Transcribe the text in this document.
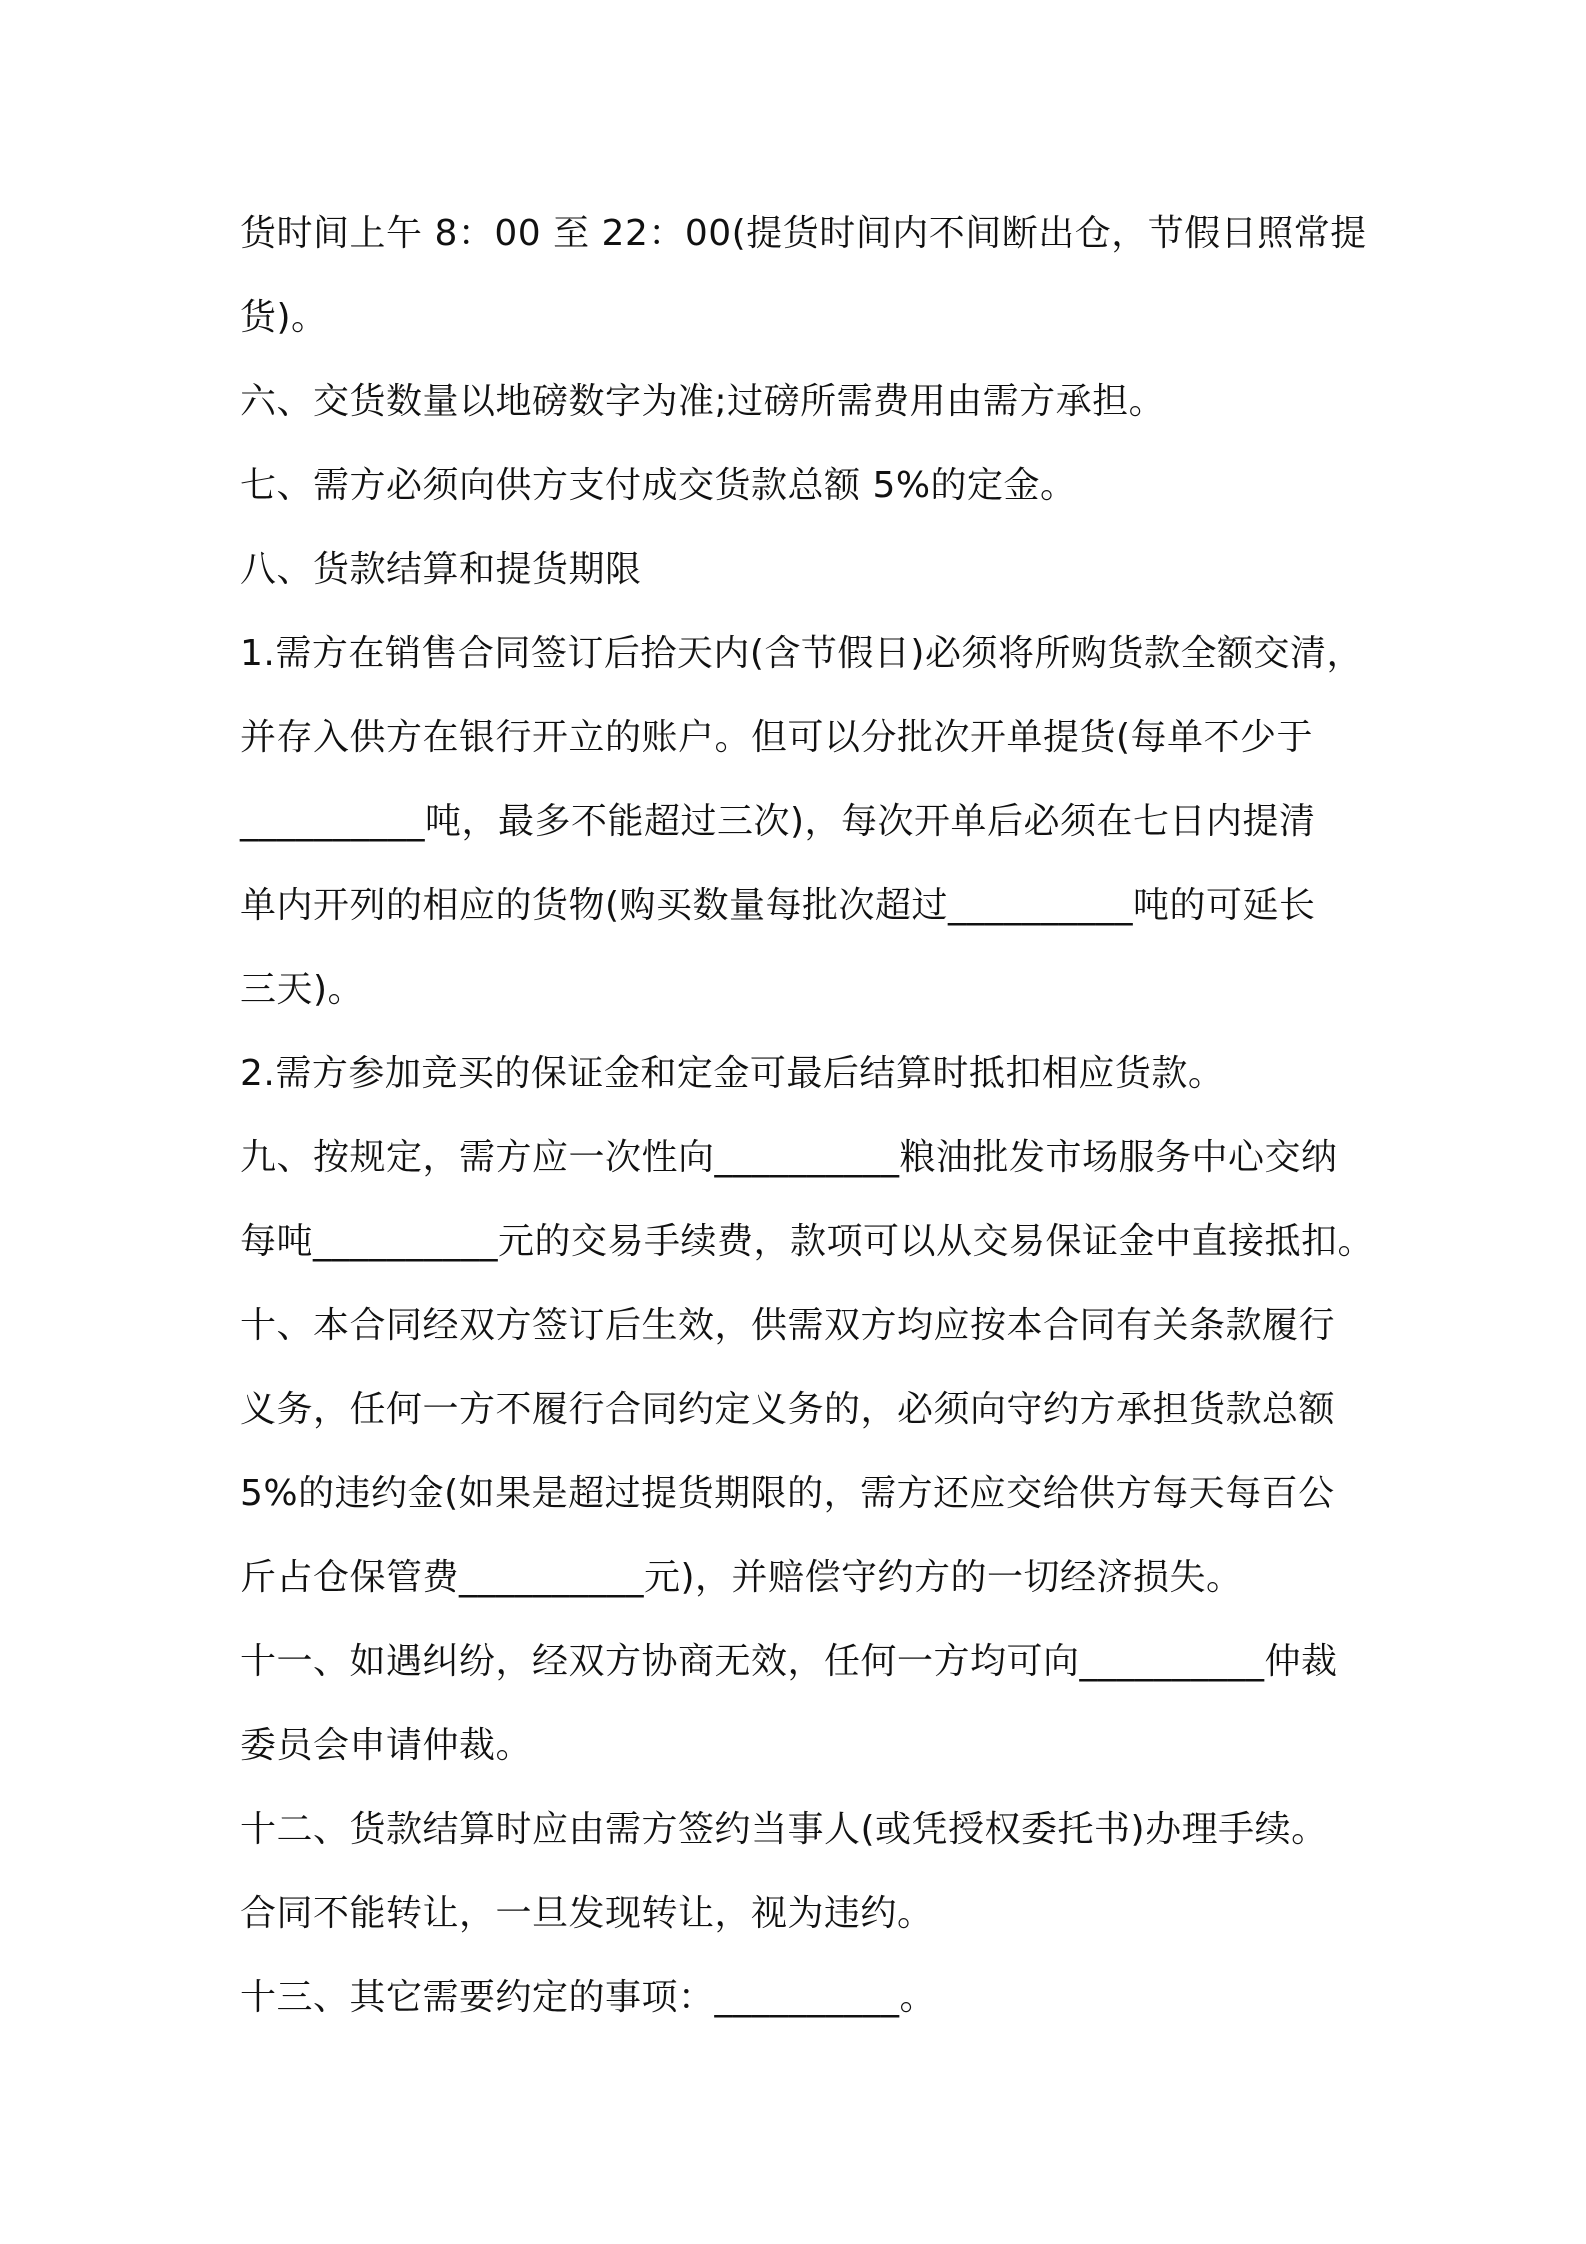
货时间上午 8：00 至 22：00(提货时间内不间断出仓，节假日照常提
货)。
六、交货数量以地磅数字为准;过磅所需费用由需方承担。
七、需方必须向供方支付成交货款总额 5%的定金。
八、货款结算和提货期限
1.需方在销售合同签订后拾天内(含节假日)必须将所购货款全额交清，
并存入供方在银行开立的账户。但可以分批次开单提货(每单不少于
__________吨，最多不能超过三次)，每次开单后必须在七日内提清
单内开列的相应的货物(购买数量每批次超过__________吨的可延长
三天)。
2.需方参加竞买的保证金和定金可最后结算时抵扣相应货款。
九、按规定，需方应一次性向__________粮油批发市场服务中心交纳
每吨__________元的交易手续费，款项可以从交易保证金中直接抵扣。
十、本合同经双方签订后生效，供需双方均应按本合同有关条款履行
义务，任何一方不履行合同约定义务的，必须向守约方承担货款总额
5%的违约金(如果是超过提货期限的，需方还应交给供方每天每百公
斤占仓保管费__________元)，并赔偿守约方的一切经济损失。
十一、如遇纠纷，经双方协商无效，任何一方均可向__________仲裁
委员会申请仲裁。
十二、货款结算时应由需方签约当事人(或凭授权委托书)办理手续。
合同不能转让，一旦发现转让，视为违约。
十三、其它需要约定的事项：__________。
